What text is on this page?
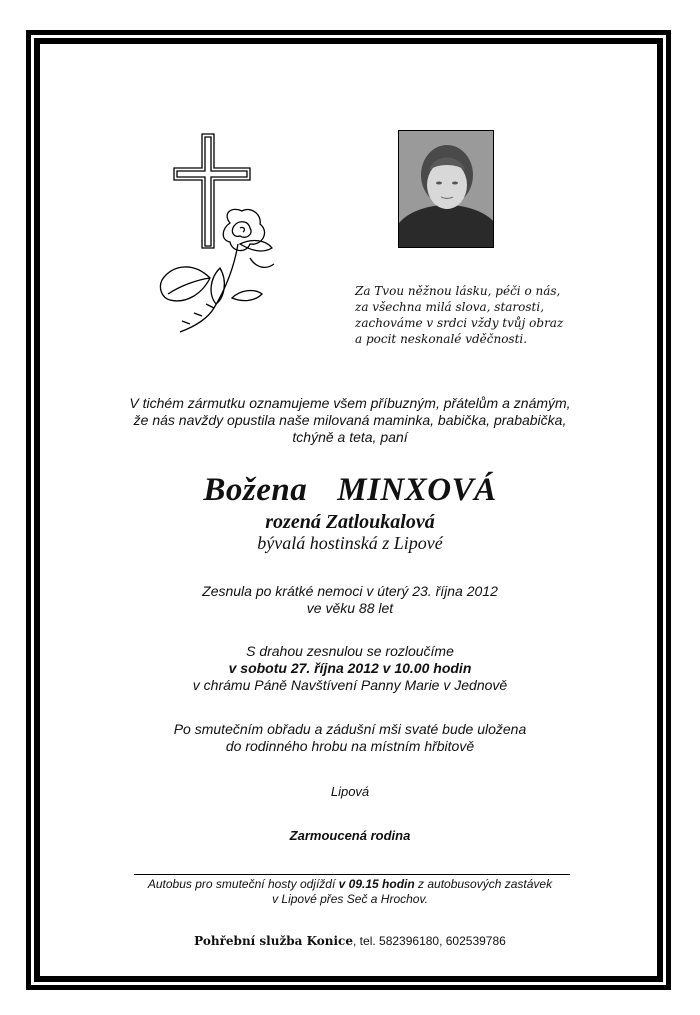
Za Tvou něžnou lásku, péči o nás,
za všechna milá slova, starosti,
zachováme v srdci vždy tvůj obraz
a pocit neskonalé vděčnosti.
V tichém zármutku oznamujeme všem příbuzným, přátelům a známým,
že nás navždy opustila naše milovaná maminka, babička, prababička,
tchýně a teta, paní
Božena MINXOVÁ
rozená Zatloukalová
bývalá hostinská z Lipové
Zesnula po krátké nemoci v úterý 23. října 2012
ve věku 88 let
S drahou zesnulou se rozloučíme
v sobotu 27. října 2012 v 10.00 hodin
v chrámu Páně Navštívení Panny Marie v Jednově
Po smutečním obřadu a zádušní mši svaté bude uložena
do rodinného hrobu na místním hřbitově
Lipová
Zarmoucená rodina
Autobus pro smuteční hosty odjíždí v 09.15 hodin z autobusových zastávek
v Lipové přes Seč a Hrochov.
Pohřební služba Konice, tel. 582396180, 602539786
